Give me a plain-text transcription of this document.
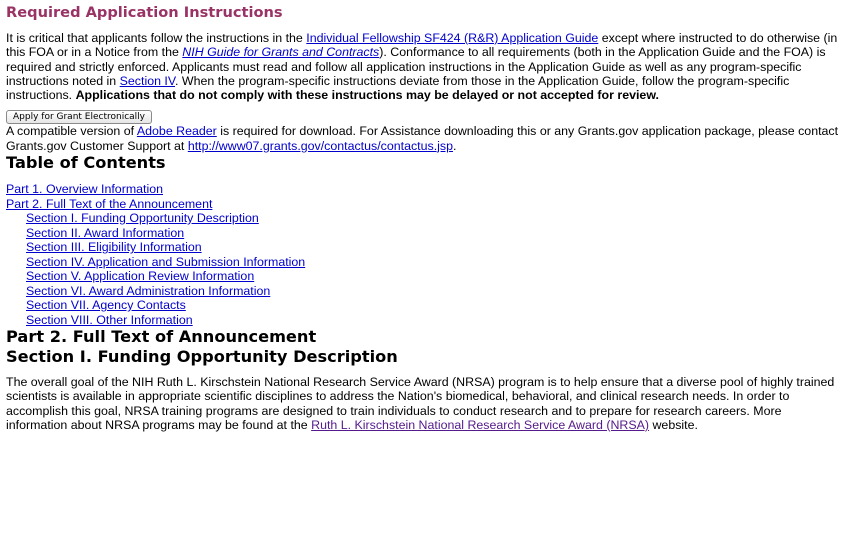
Required Application Instructions

It is critical that applicants follow the instructions in the Individual Fellowship SF424 (R&R) Application Guide except where instructed to do otherwise (in this FOA or in a Notice from the NIH Guide for Grants and Contracts). Conformance to all requirements (both in the Application Guide and the FOA) is required and strictly enforced. Applicants must read and follow all application instructions in the Application Guide as well as any program-specific instructions noted in Section IV. When the program-specific instructions deviate from those in the Application Guide, follow the program-specific instructions. Applications that do not comply with these instructions may be delayed or not accepted for review.

Apply for Grant Electronically

A compatible version of Adobe Reader is required for download. For Assistance downloading this or any Grants.gov application package, please contact Grants.gov Customer Support at http://www07.grants.gov/contactus/contactus.jsp.

Table of Contents
Part 1. Overview Information
Part 2. Full Text of the Announcement
Section I. Funding Opportunity Description
Section II. Award Information
Section III. Eligibility Information
Section IV. Application and Submission Information
Section V. Application Review Information
Section VI. Award Administration Information
Section VII. Agency Contacts
Section VIII. Other Information
Part 2. Full Text of Announcement
Section I. Funding Opportunity Description

The overall goal of the NIH Ruth L. Kirschstein National Research Service Award (NRSA) program is to help ensure that a diverse pool of highly trained scientists is available in appropriate scientific disciplines to address the Nation's biomedical, behavioral, and clinical research needs. In order to accomplish this goal, NRSA training programs are designed to train individuals to conduct research and to prepare for research careers. More information about NRSA programs may be found at the Ruth L. Kirschstein National Research Service Award (NRSA) website.
